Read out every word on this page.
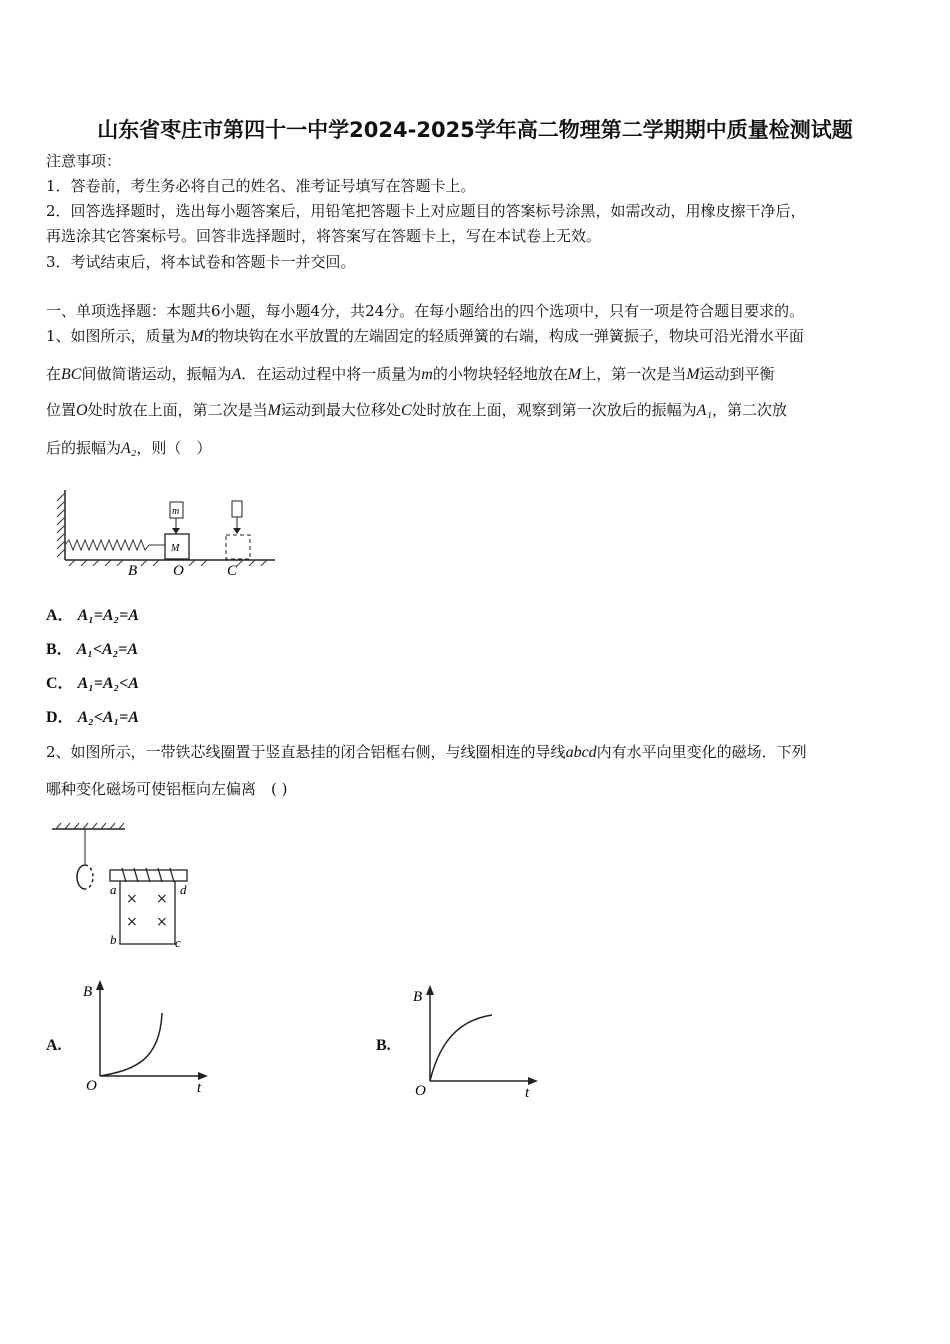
山东省枣庄市第四十一中学2024-2025学年高二物理第二学期期中质量检测试题
注意事项：
1．答卷前，考生务必将自己的姓名、准考证号填写在答题卡上。
2．回答选择题时，选出每小题答案后，用铅笔把答题卡上对应题目的答案标号涂黑，如需改动，用橡皮擦干净后，
再选涂其它答案标号。回答非选择题时，将答案写在答题卡上，写在本试卷上无效。
3．考试结束后，将本试卷和答题卡一并交回。
一、单项选择题：本题共6小题，每小题4分，共24分。在每小题给出的四个选项中，只有一项是符合题目要求的。
1、如图所示，质量为M的物块钩在水平放置的左端固定的轻质弹簧的右端，构成一弹簧振子，物块可沿光滑水平面
在BC间做简谐运动，振幅为A．在运动过程中将一质量为m的小物块轻轻地放在M上，第一次是当M运动到平衡
位置O处时放在上面，第二次是当M运动到最大位移处C处时放在上面，观察到第一次放后的振幅为A₁，第二次放
后的振幅为A₂，则（　）
M
m
B O	C
A． A₁=A₂=A
B． A₁<A₂=A
C． A₁=A₂<A
D． A₂<A₁=A
2、如图所示，一带铁芯线圈置于竖直悬挂的闭合铝框右侧，与线圈相连的导线abcd内有水平向里变化的磁场．下列
哪种变化磁场可使铝框向左偏离　( )
× ×
× ×
a	d
b	c
A.
B
O	t
B.
B
O	t
